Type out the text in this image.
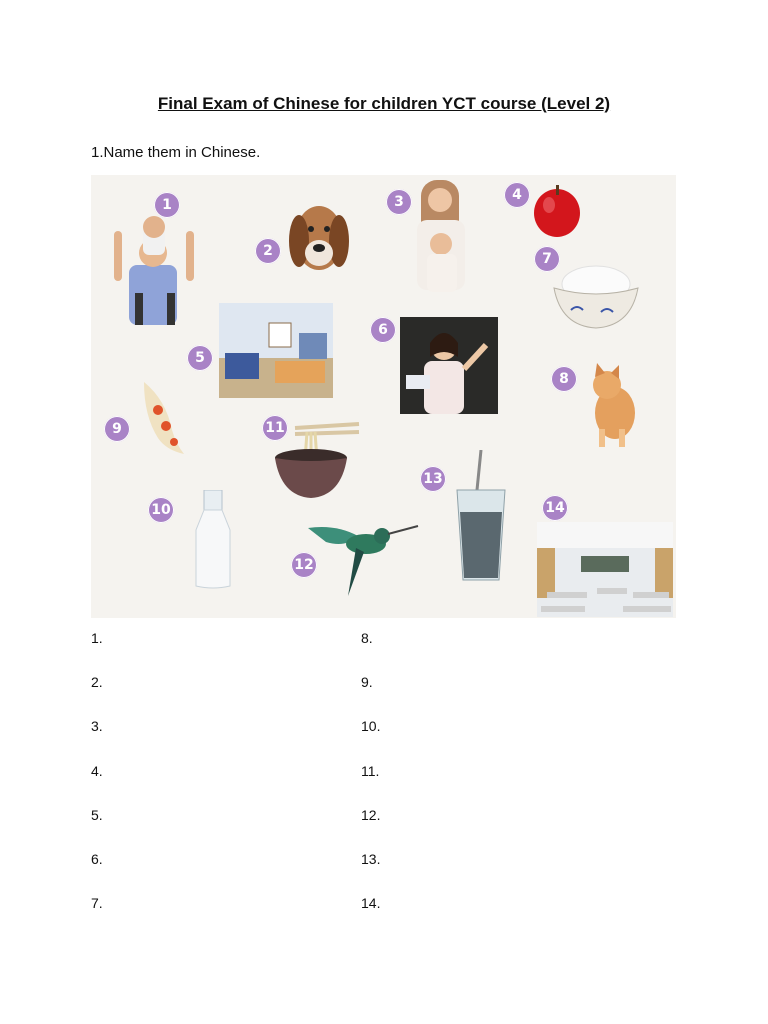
Final Exam of Chinese for children YCT course (Level 2)
1.Name them in Chinese.
1
2
3	4
7
5
6
8
9	11
10
13
12
14
1.
2.
3.
4.
5.
6.
7.
8.
9.
10.
11.
12.
13.
14.
